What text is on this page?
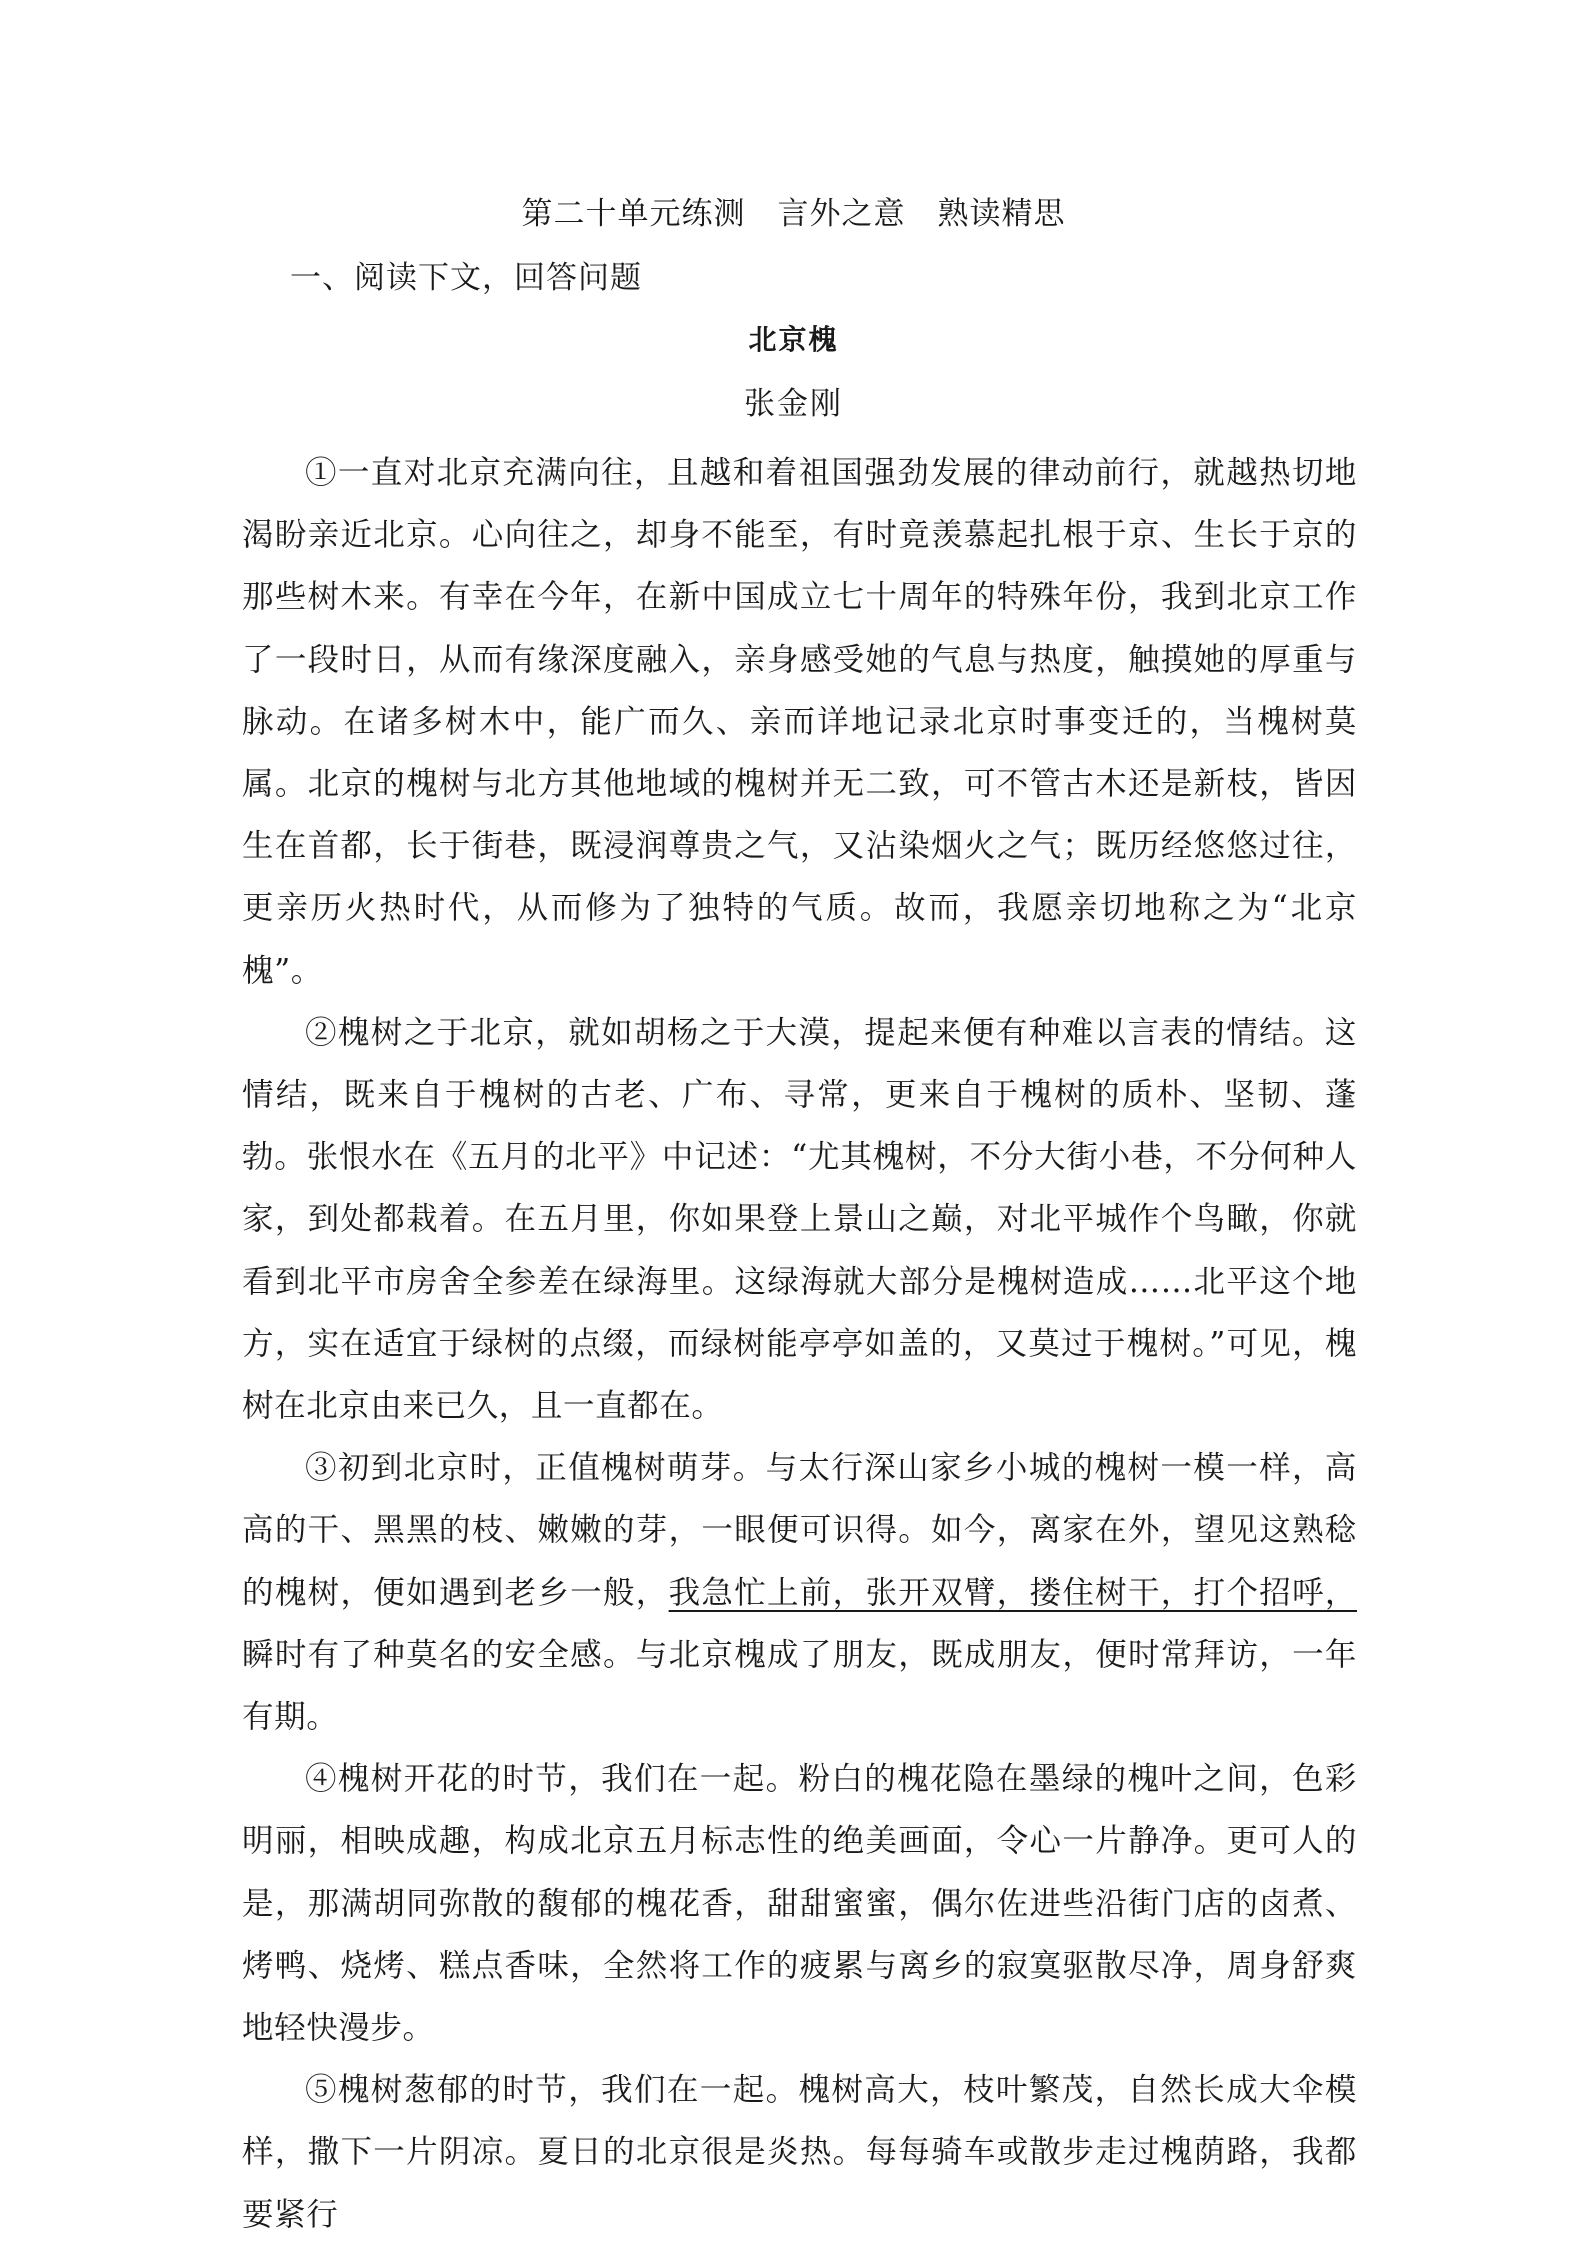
第二十单元练测　言外之意　熟读精思
一、阅读下文，回答问题
北京槐
张金刚

①一直对北京充满向往，且越和着祖国强劲发展的律动前行，就越热切地渴盼亲近北京。心向往之，却身不能至，有时竟羡慕起扎根于京、生长于京的那些树木来。有幸在今年，在新中国成立七十周年的特殊年份，我到北京工作了一段时日，从而有缘深度融入，亲身感受她的气息与热度，触摸她的厚重与脉动。在诸多树木中，能广而久、亲而详地记录北京时事变迁的，当槐树莫属。北京的槐树与北方其他地域的槐树并无二致，可不管古木还是新枝，皆因生在首都，长于街巷，既浸润尊贵之气，又沾染烟火之气；既历经悠悠过往，更亲历火热时代，从而修为了独特的气质。故而，我愿亲切地称之为“北京槐”。

②槐树之于北京，就如胡杨之于大漠，提起来便有种难以言表的情结。这情结，既来自于槐树的古老、广布、寻常，更来自于槐树的质朴、坚韧、蓬勃。张恨水在《五月的北平》中记述：“尤其槐树，不分大街小巷，不分何种人家，到处都栽着。在五月里，你如果登上景山之巅，对北平城作个鸟瞰，你就看到北平市房舍全参差在绿海里。这绿海就大部分是槐树造成……北平这个地方，实在适宜于绿树的点缀，而绿树能亭亭如盖的，又莫过于槐树。”可见，槐树在北京由来已久，且一直都在。

③初到北京时，正值槐树萌芽。与太行深山家乡小城的槐树一模一样，高高的干、黑黑的枝、嫩嫩的芽，一眼便可识得。如今，离家在外，望见这熟稔的槐树，便如遇到老乡一般，我急忙上前，张开双臂，搂住树干，打个招呼，瞬时有了种莫名的安全感。与北京槐成了朋友，既成朋友，便时常拜访，一年有期。

④槐树开花的时节，我们在一起。粉白的槐花隐在墨绿的槐叶之间，色彩明丽，相映成趣，构成北京五月标志性的绝美画面，令心一片静净。更可人的是，那满胡同弥散的馥郁的槐花香，甜甜蜜蜜，偶尔佐进些沿街门店的卤煮、烤鸭、烧烤、糕点香味，全然将工作的疲累与离乡的寂寞驱散尽净，周身舒爽地轻快漫步。

⑤槐树葱郁的时节，我们在一起。槐树高大，枝叶繁茂，自然长成大伞模样，撒下一片阴凉。夏日的北京很是炎热。每每骑车或散步走过槐荫路，我都要紧行
